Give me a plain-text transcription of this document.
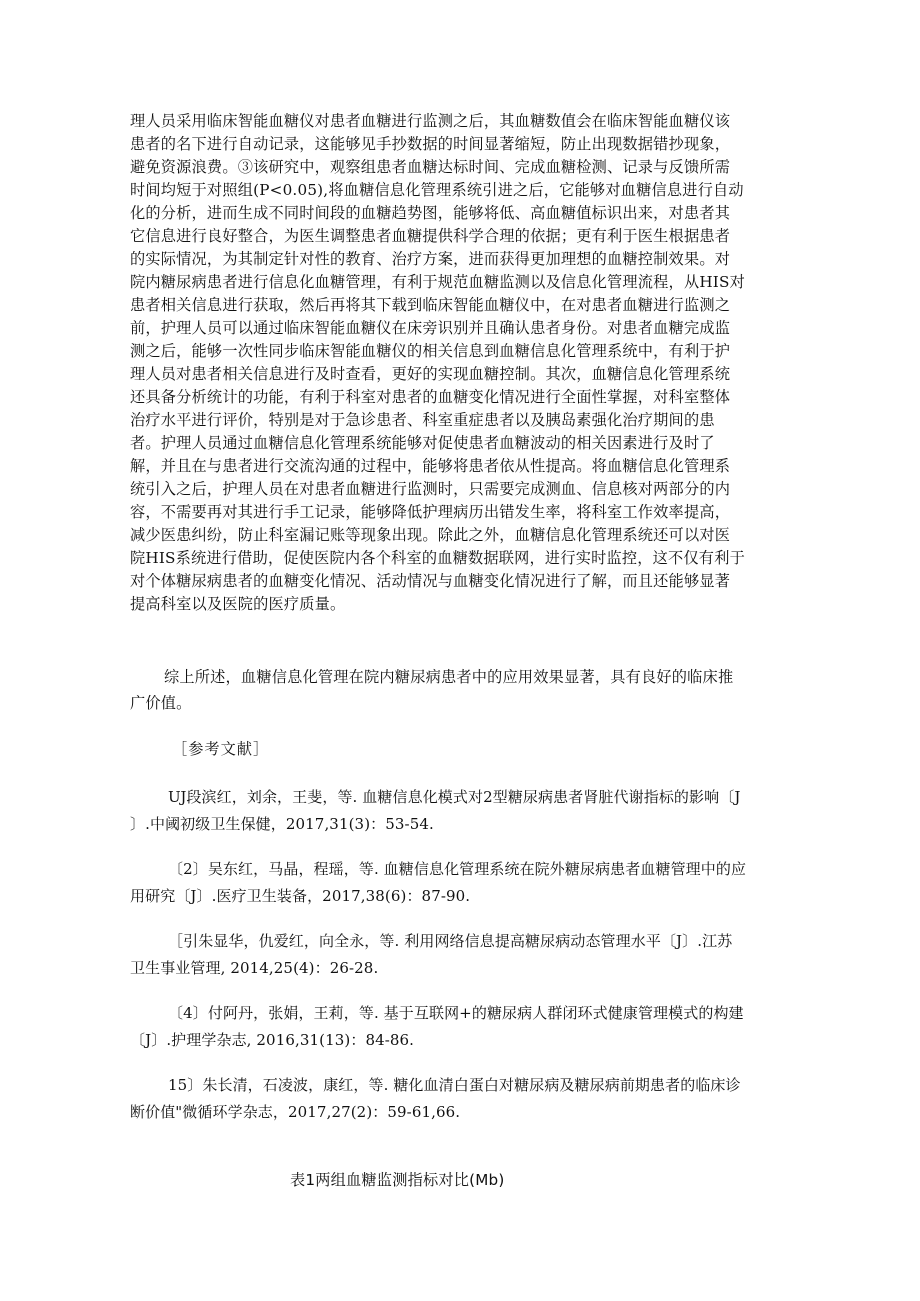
理人员采用临床智能血糖仪对患者血糖进行监测之后，其血糖数值会在临床智能血糖仪该
患者的名下进行自动记录，这能够见手抄数据的时间显著缩短，防止出现数据错抄现象，
避免资源浪费。③该研究中，观察组患者血糖达标时间、完成血糖检测、记录与反馈所需
时间均短于对照组(P<0.05),将血糖信息化管理系统引进之后，它能够对血糖信息进行自动
化的分析，进而生成不同时间段的血糖趋势图，能够将低、高血糖值标识出来，对患者其
它信息进行良好整合，为医生调整患者血糖提供科学合理的依据；更有利于医生根据患者
的实际情况，为其制定针对性的教育、治疗方案，进而获得更加理想的血糖控制效果。对
院内糖尿病患者进行信息化血糖管理，有利于规范血糖监测以及信息化管理流程，从HIS对
患者相关信息进行获取，然后再将其下载到临床智能血糖仪中，在对患者血糖进行监测之
前，护理人员可以通过临床智能血糖仪在床旁识别并且确认患者身份。对患者血糖完成监
测之后，能够一次性同步临床智能血糖仪的相关信息到血糖信息化管理系统中，有利于护
理人员对患者相关信息进行及时查看，更好的实现血糖控制。其次，血糖信息化管理系统
还具备分析统计的功能，有利于科室对患者的血糖变化情况进行全面性掌握，对科室整体
治疗水平进行评价，特别是对于急诊患者、科室重症患者以及胰岛素强化治疗期间的患
者。护理人员通过血糖信息化管理系统能够对促使患者血糖波动的相关因素进行及时了
解，并且在与患者进行交流沟通的过程中，能够将患者依从性提高。将血糖信息化管理系
统引入之后，护理人员在对患者血糖进行监测时，只需要完成测血、信息核对两部分的内
容，不需要再对其进行手工记录，能够降低护理病历出错发生率，将科室工作效率提高，
减少医患纠纷，防止科室漏记账等现象出现。除此之外，血糖信息化管理系统还可以对医
院HIS系统进行借助，促使医院内各个科室的血糖数据联网，进行实时监控，这不仅有利于
对个体糖尿病患者的血糖变化情况、活动情况与血糖变化情况进行了解，而且还能够显著
提高科室以及医院的医疗质量。
综上所述，血糖信息化管理在院内糖尿病患者中的应用效果显著，具有良好的临床推
广价值。
［参考文献］
UJ段滨红，刘余，王斐，等. 血糖信息化模式对2型糖尿病患者肾脏代谢指标的影响〔J
〕.中阈初级卫生保健，2017,31(3)：53-54.
〔2〕吴东红，马晶，程瑶，等. 血糖信息化管理系统在院外糖尿病患者血糖管理中的应
用研究〔J〕.医疗卫生装备，2017,38(6)：87-90.
［引朱显华，仇爱红，向全永，等. 利用网络信息提高糖尿病动态管理水平〔J〕.江苏
卫生事业管理, 2014,25(4)：26-28.
〔4〕付阿丹，张娟，王莉，等. 基于互联网+的糖尿病人群闭环式健康管理模式的构建
〔J〕.护理学杂志, 2016,31(13)：84-86.
15〕朱长清，石凌波，康红，等. 糖化血清白蛋白对糖尿病及糖尿病前期患者的临床诊
断价值"微循环学杂志，2017,27(2)：59-61,66.
表1两组血糖监测指标对比(Mb)
